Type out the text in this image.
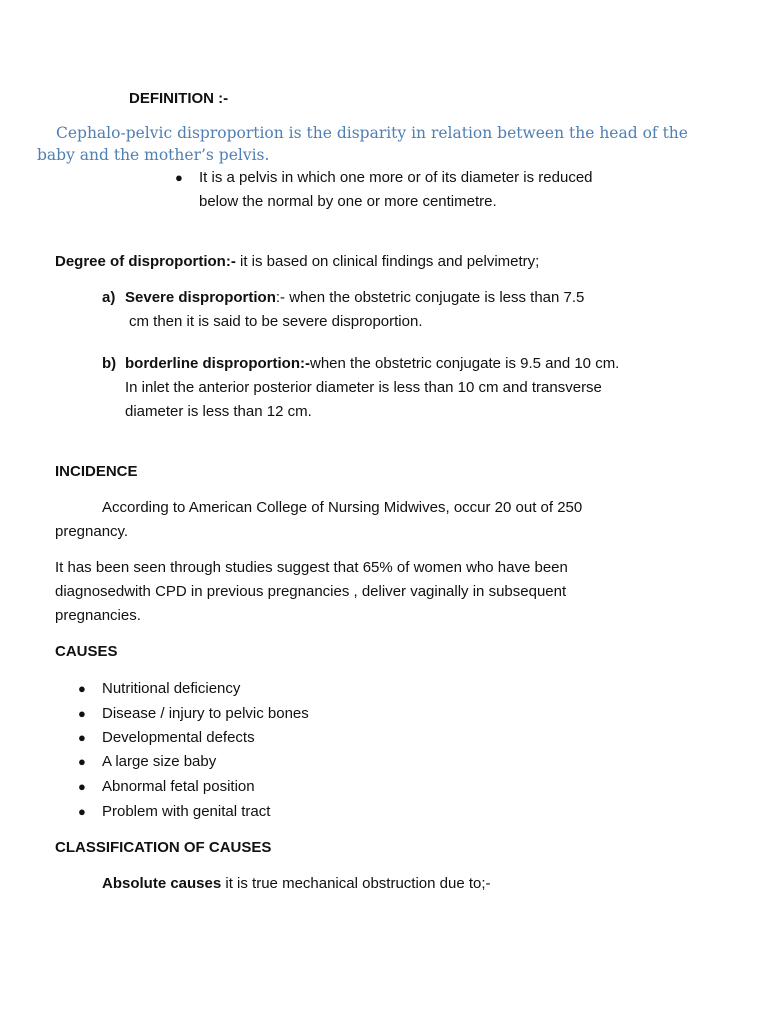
DEFINITION :-
Cephalo-pelvic disproportion is the disparity in relation between the head of the
baby and the mother’s pelvis.
● It is a pelvis in which one more or of its diameter is reduced
below the normal by one or more centimetre.
Degree of disproportion:- it is based on clinical findings and pelvimetry;
a) Severe disproportion:- when the obstetric conjugate is less than 7.5
cm then it is said to be severe disproportion.
b) borderline disproportion:-when the obstetric conjugate is 9.5 and 10 cm.
In inlet the anterior posterior diameter is less than 10 cm and transverse
diameter is less than 12 cm.
INCIDENCE
According to American College of Nursing Midwives, occur 20 out of 250
pregnancy.
It has been seen through studies suggest that 65% of women who have been
diagnosedwith CPD in previous pregnancies , deliver vaginally in subsequent
pregnancies.
CAUSES
● Nutritional deficiency
● Disease / injury to pelvic bones
● Developmental defects
● A large size baby
● Abnormal fetal position
● Problem with genital tract
CLASSIFICATION OF CAUSES
Absolute causes it is true mechanical obstruction due to;-
